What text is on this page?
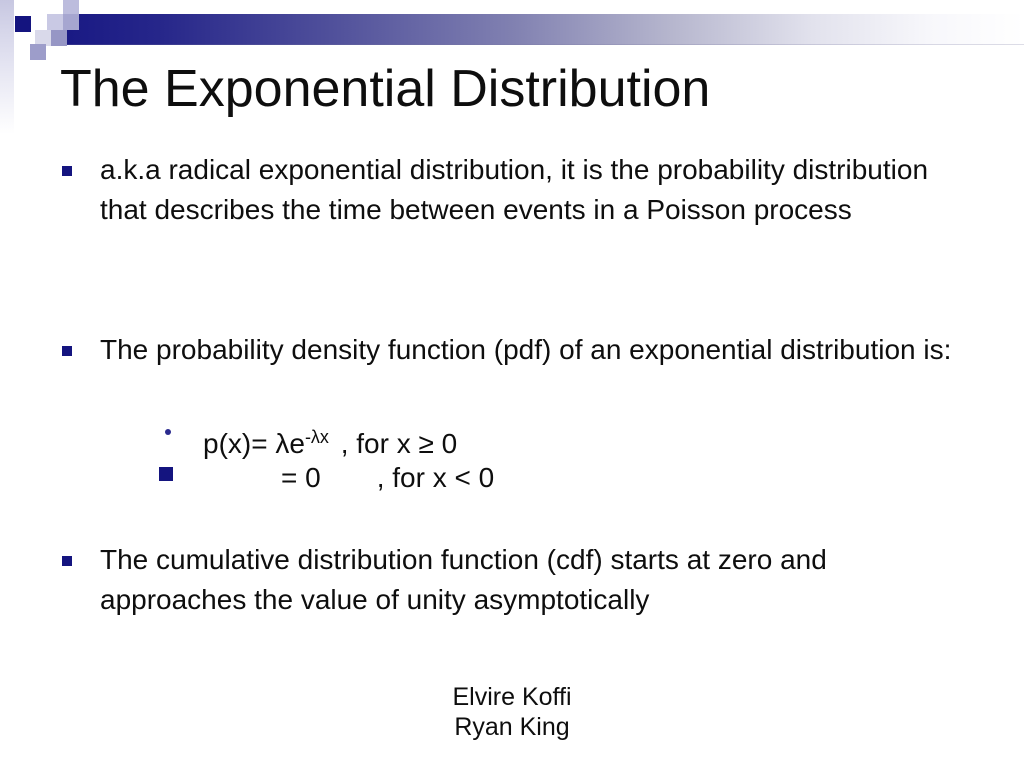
The Exponential Distribution
a.k.a radical exponential distribution, it is the probability distribution that describes the time between events in a Poisson process
The probability density function (pdf) of an exponential distribution is:
$p(x)= \lambda e^{-\lambda x}$ , for x ≥ 0
= 0 , for x < 0
The cumulative distribution function (cdf) starts at zero and approaches the value of unity asymptotically
Elvire Koffi
Ryan King
